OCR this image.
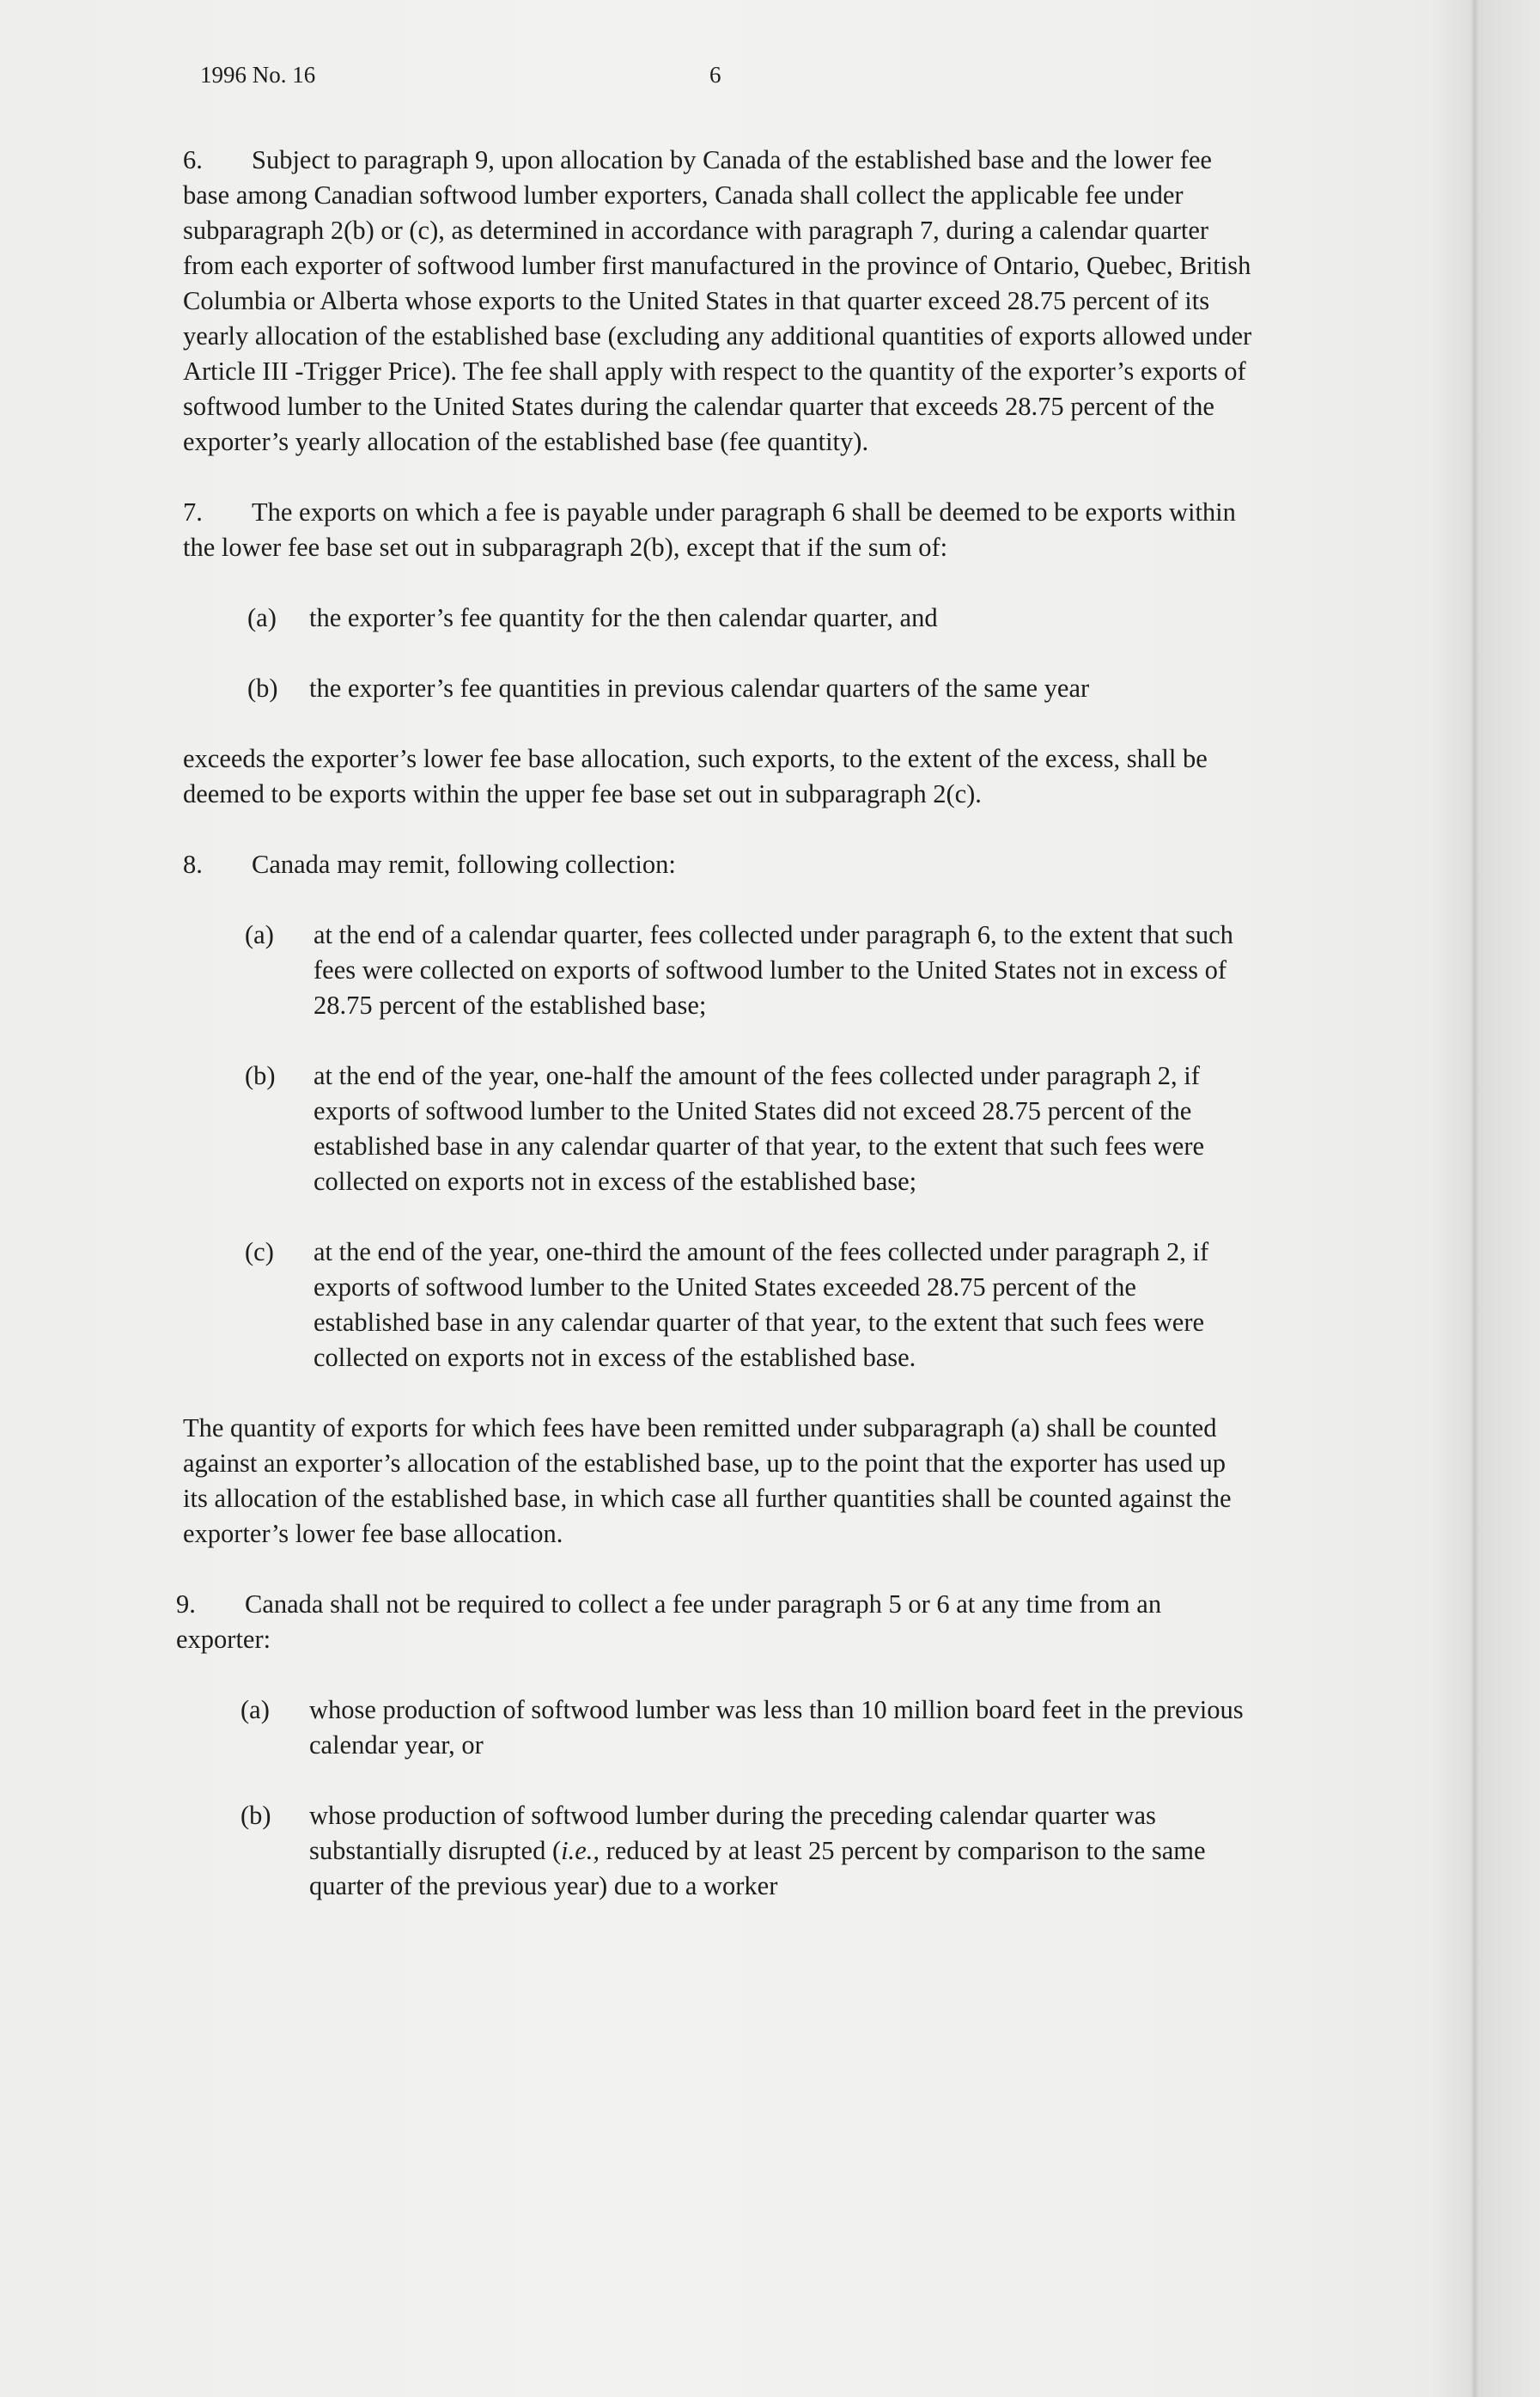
1996 No. 16	6

6. Subject to paragraph 9, upon allocation by Canada of the established base and the lower fee base among Canadian softwood lumber exporters, Canada shall collect the applicable fee under subparagraph 2(b) or (c), as determined in accordance with paragraph 7, during a calendar quarter from each exporter of softwood lumber first manufactured in the province of Ontario, Quebec, British Columbia or Alberta whose exports to the United States in that quarter exceed 28.75 percent of its yearly allocation of the established base (excluding any additional quantities of exports allowed under Article III -Trigger Price). The fee shall apply with respect to the quantity of the exporter’s exports of softwood lumber to the United States during the calendar quarter that exceeds 28.75 percent of the exporter’s yearly allocation of the established base (fee quantity).

7. The exports on which a fee is payable under paragraph 6 shall be deemed to be exports within the lower fee base set out in subparagraph 2(b), except that if the sum of:

(a)	the exporter’s fee quantity for the then calendar quarter, and
(b)	the exporter’s fee quantities in previous calendar quarters of the same year

exceeds the exporter’s lower fee base allocation, such exports, to the extent of the excess, shall be deemed to be exports within the upper fee base set out in subparagraph 2(c).

8. Canada may remit, following collection:

(a)	at the end of a calendar quarter, fees collected under paragraph 6, to the extent that such fees were collected on exports of softwood lumber to the United States not in excess of 28.75 percent of the established base;
(b)	at the end of the year, one-half the amount of the fees collected under paragraph 2, if exports of softwood lumber to the United States did not exceed 28.75 percent of the established base in any calendar quarter of that year, to the extent that such fees were collected on exports not in excess of the established base;
(c)	at the end of the year, one-third the amount of the fees collected under paragraph 2, if exports of softwood lumber to the United States exceeded 28.75 percent of the established base in any calendar quarter of that year, to the extent that such fees were collected on exports not in excess of the established base.

The quantity of exports for which fees have been remitted under subparagraph (a) shall be counted against an exporter’s allocation of the established base, up to the point that the exporter has used up its allocation of the established base, in which case all further quantities shall be counted against the exporter’s lower fee base allocation.

9. Canada shall not be required to collect a fee under paragraph 5 or 6 at any time from an exporter:

(a)	whose production of softwood lumber was less than 10 million board feet in the previous calendar year, or
(b)	whose production of softwood lumber during the preceding calendar quarter was substantially disrupted (i.e., reduced by at least 25 percent by comparison to the same quarter of the previous year) due to a worker
